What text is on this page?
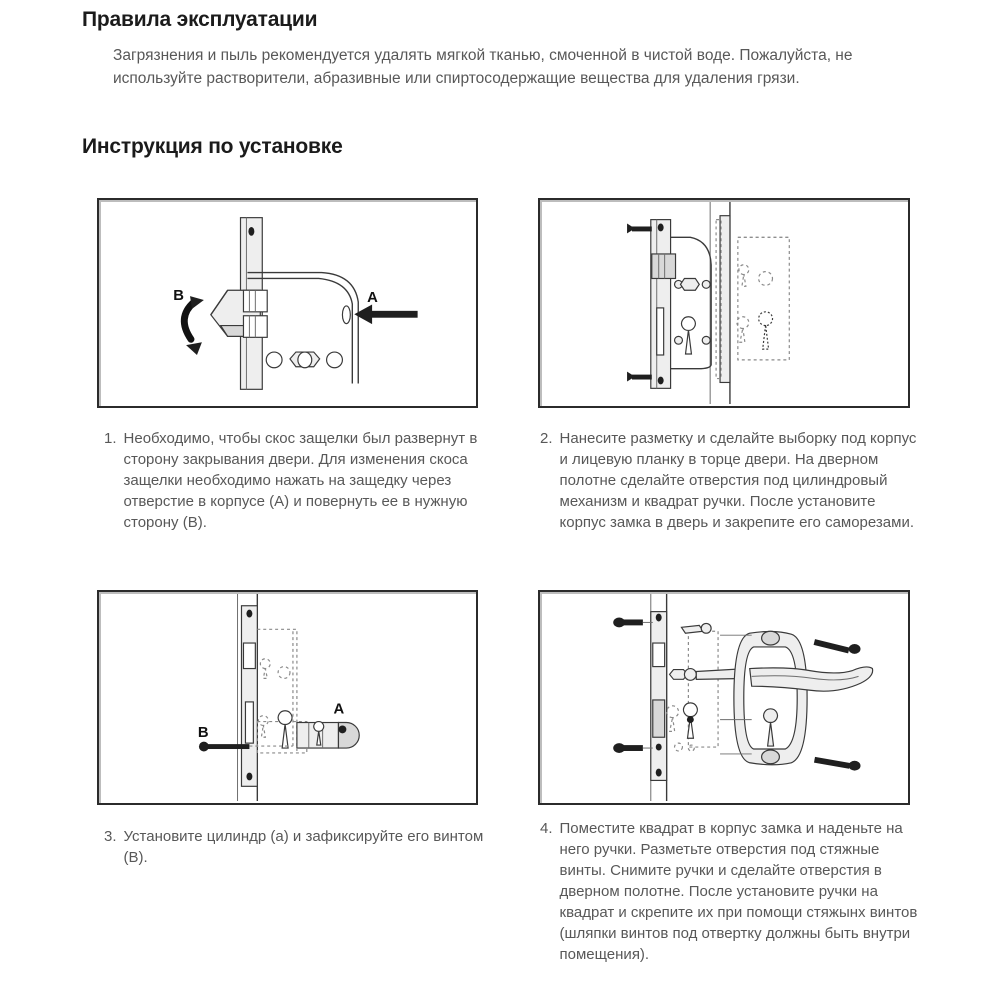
Правила эксплуатации

Загрязнения и пыль рекомендуется удалять мягкой тканью, смоченной в чистой воде. Пожалуйста, не используйте растворители, абразивные или спиртосодержащие вещества для удаления грязи.

Инструкция по установке
B	A
A
B
1. Необходимо, чтобы скос защелки был развернут в сторону закрывания двери. Для изменения скоса защелки необходимо нажать на защедку через отверстие в корпусе (А) и повернуть ее в нужную сторону (В).
2. Нанесите разметку и сделайте выборку под корпус и лицевую планку в торце двери. На дверном полотне сделайте отверстия под цилиндровый механизм и квадрат ручки. После установите корпус замка в дверь и закрепите его саморезами.
3. Установите цилиндр (а) и зафиксируйте его винтом (В).
4. Поместите квадрат в корпус замка и наденьте на него ручки. Разметьте отверстия под стяжные винты. Снимите ручки и сделайте отверстия в дверном полотне. После установите ручки на квадрат и скрепите их при помощи стяжынх винтов (шляпки винтов под отвертку должны быть внутри помещения).
